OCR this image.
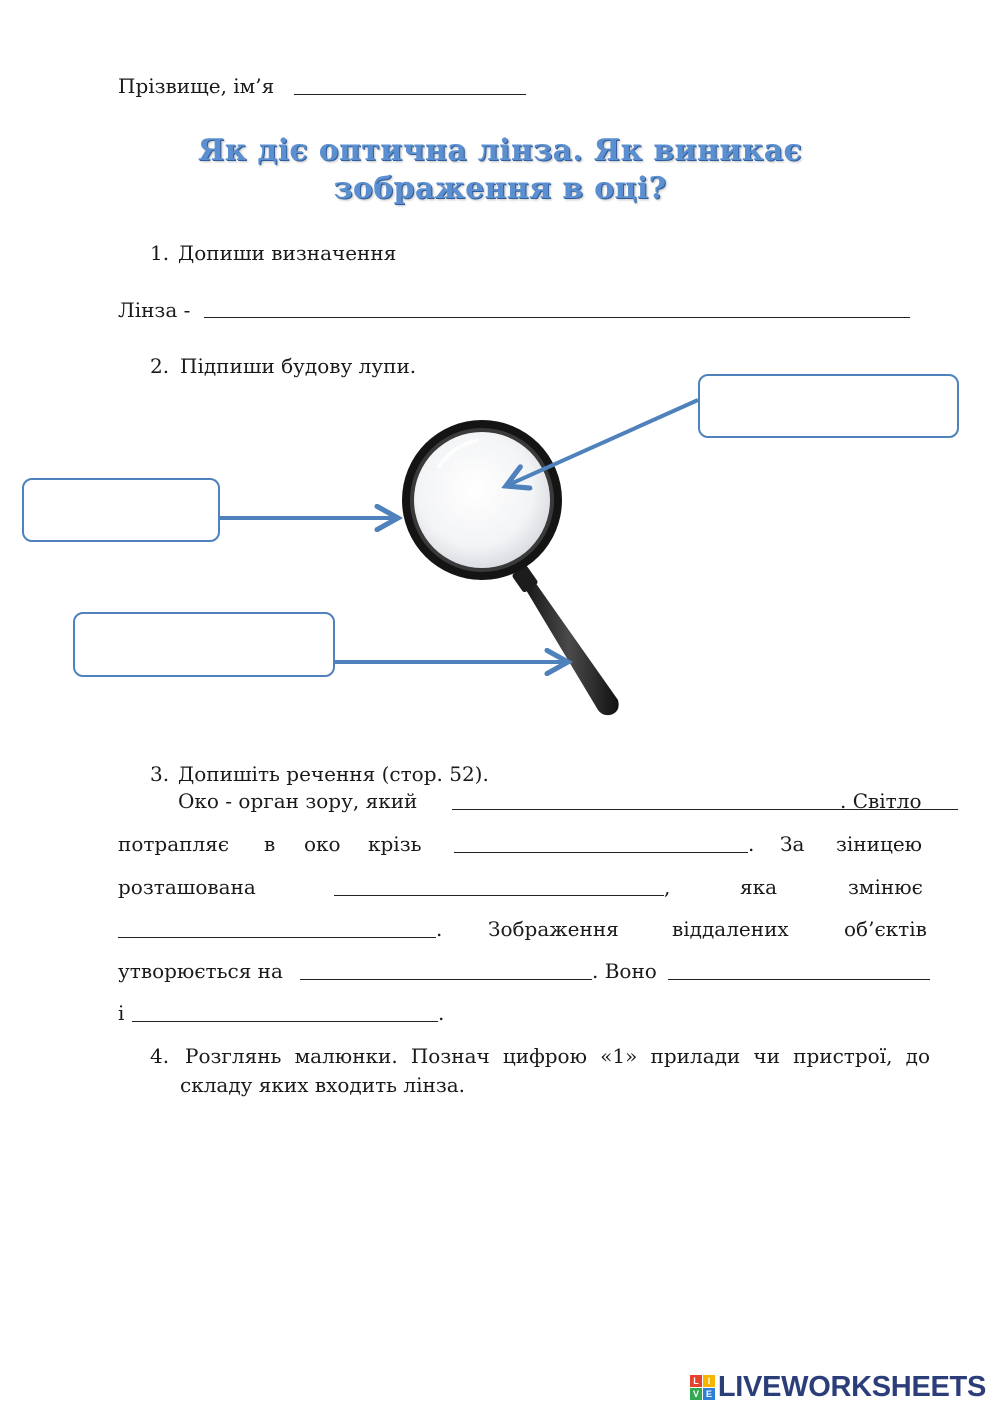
Прізвище, ім’я
Як діє оптична лінза. Як виникає
зображення в оці?
1. Допиши визначення
Лінза -
2. Підпиши будову лупи.
3. Допишіть речення (стор. 52).
Око - орган зору, який	. Світло
потрапляє в око крізь	. За зіницею
розташована	,	яка	змінює
. Зображення	віддалених	об’єктів
утворюється на	. Воно
і	.
4. Розглянь малюнки. Познач цифрою «1» прилади чи пристрої, до
складу яких входить лінза.
L	I
V E LIVEWORKSHEETS
